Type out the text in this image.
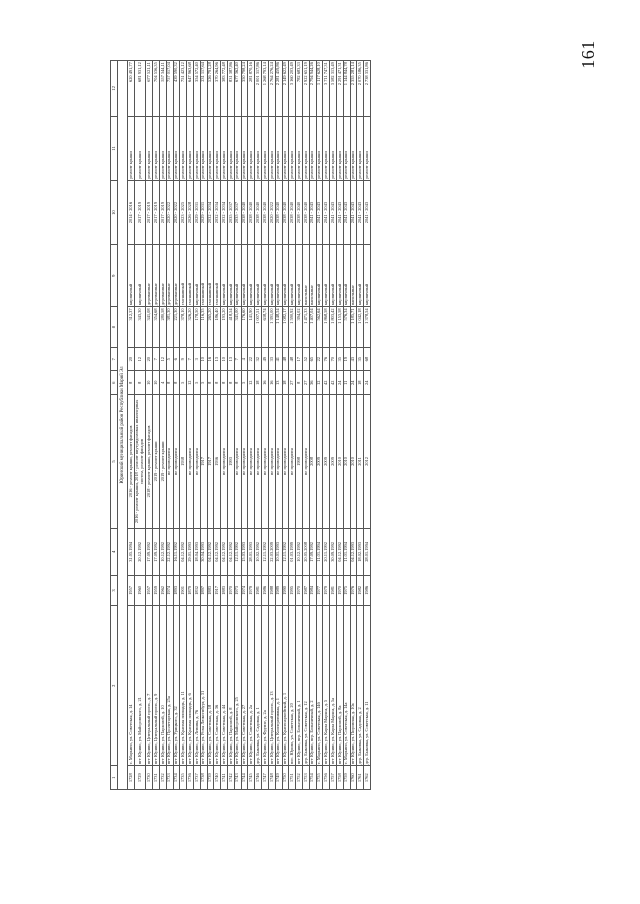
161
1	2	3	4	5	6	7	8	9	10	11	12
Юринский муниципальный район Республики Марий Эл											
1728	с. Марьино, ул. Советская, д. 14	1957	31.05.1994	2016 - ремонт крыши, ремонт фасадов	8	20	312,37	кирпичный	2014 - 2016	ремонт крыши	620 491,77
1729	пгт Юрино, ул. Майоровского, д. 21	1960	20.12.1992	2016 - ремонт крыши, 2018 - ремонт внутридомовых инженерных систем, ремонт фасадов	8	12	343,30	кирпичный	2017 - 2019	ремонт крыши	681 931,12
1730	пгт Юрино, Центральный просп., д. 7	1957	17.09.1992	2018 - ремонт крыши, ремонт фасадов	10	20	341,08	деревянные	2017 - 2019	ремонт крыши	677 521,11
1731	пгт Юрино, Центральный просп., д. 9	1959	17.09.1992	2019 - ремонт крыши	10	7	354,68	деревянные	2017 - 2019	ремонт крыши	704 536,35
1732	пгт Юрино, ул. Пархомей, д. 10	1962	10.12.1992	2019 - ремонт крыши	4	12	280,58	деревянные	2017 - 2019	ремонт крыши	557 344,11
1733	пгт Юрино, ул. Пролетарская, д. 25а	1974	22.12.1992	не проводился	8	5	381,30	деревянные	2020 - 2022	ремонт крыши	757 017,04
1734	пгт Юрино, ул. Урицкого, д. 32	1893	16.11.1992	не проводился	8	6	221,30	деревянные	2020 - 2022	ремонт крыши	439 590,32
1735	пгт Юрино, ул. Красная площадь, д. 11	1901	04.12.1992	1938	5	9	378,10	смешанный	2023 - 2025	ремонт крыши	751 423,12
1736	пгт Юрино, ул. Красная площадь, д. 6	1879	29.01.1993	не проводился	12	7	326,20	смешанный	2026 - 2028	ремонт крыши	647 963,68
1737	пгт Юрино, ул. Ленина, д. 76	1832	18.04.1993	не проводился	5	3	178,50	кирпичный	2029 - 2031	ремонт крыши	354 572,40
1738	пгт Юрино, ул. Розы Люксембург, д. 31	1897	30.04.1993	1917	5	10	116,35	смешанный	2029 - 2031	ремонт крыши	231 117,64
1739	пгт Юрино, ул. Советская, д. 18	1883	04.12.1992	1917	8	16	265,20	смешанный	2032 - 2034	ремонт крыши	526 791,28
1740	пгт Юрино, ул. Советская, д. 36	1917	04.12.1992	1936	8	13	186,40	смешанный	2032 - 2034	ремонт крыши	370 264,96
1741	пгт Юрино, ул. Советская, д. 44	1883	04.12.1992	не проводился	8	10	193,20	кирпичный	2032 - 2034	ремонт крыши	383 772,48
1742	пгт Юрино, ул. Пархомей, д. 8	1970	04.12.1992	1993	8	13	418,54	кирпичный	2035 - 2037	ремонт крыши	831 387,86
1743	пгт Юрино, ул. Майоровского, д. 25	1973	12.11.1992	не проводился	8	7	341,00	кирпичный	2035 - 2037	ремонт крыши	677 362,40
1744	пгт Юрино, ул. Советская, д. 27	1974	15.03.1993	не проводился	5	4	176,60	кирпичный	2038 - 2040	ремонт крыши	350 798,24
1745	пгт Юрино, ул. Советская, д. 2а	1979	28.01.1993	не проводился	12	22	141,90	кирпичный	2038 - 2040	ремонт крыши	281 870,16
1746	дер. Быковка, ул. Садовая, д. 1	1981	10.02.1992	не проводился	18	32	1 007,51	кирпичный	2038 - 2040	ремонт крыши	2 001 317,86
1747	пгт Юрино, ул. Фрунзе, д. 2а	1986	12.11.1992	не проводился	16	49	638,74	кирпичный	2038 - 2040	ремонт крыши	1 268 793,14
1748	пгт Юрино, Центральный просп., д. 13	1988	22.03.2009	не проводился	16	33	1 391,00	кирпичный	2020 - 2022	ремонт крыши	2 764 276,24
1749	пгт Юрино, ул. Кооперативная, д. 1	1989	10.01.1993	не проводился	13	41	1 148,54	кирпичный	2038 - 2040	ремонт крыши	2 281 459,86
1750	пгт Юрино, ул. Красноармейской, д. 1	1990	12.11.1992	не проводился	18	48	1 082,17	кирпичный	2038 - 2040	ремонт крыши	2 149 622,49
1751	пос. Юрино, ул. Советская, д. 20	1995	01.03.1999	не проводился	27	48	1 590,92	кирпичный	2038 - 2040	ремонт крыши	3 160 203,49
1752	пгт Юрино, пер. Больничный, д. 1	1970	10.12.1992	1998	8	17	394,02	кирпичный	2038 - 2040	ремонт крыши	782 683,33
1753	дер. Быковка, ул. Советская, д. 12	1987	20.05.2008	не проводился	27	52	1 471,33	панельные	2038 - 2040	ремонт крыши	2 922 651,19
1754	пгт Юрино, пер. Больничный, д. 2	1984	17.09.1992	2008	36	65	1 407,04	панельные	2041 - 2043	ремонт крыши	2 794 944,26
1755	с. Марьино, ул. Советская, д. 14б	1977	11.01.1994	2009	12	22	562,64	кирпичный	2041 - 2043	ремонт крыши	1 117 628,10
1756	пгт Юрино, ул. Карла Маркса, д. 5	1979	20.11.1992	2009	42	76	1 868,58	кирпичный	2041 - 2043	ремонт крыши	3 711 747,31
1757	пгт Юрино, ул. Карла Маркса, д. 5а	1981	30.09.1992	2009	42	70	1 803,42	кирпичный	2041 - 2043	ремонт крыши	3 582 313,49
1758	пгт Юрино, ул. Пархомей, д. 8а	1970	04.12.1992	2010	24	35	1 153,58	кирпичный	2041 - 2043	ремонт крыши	2 291 471,31
1759	с. Марьино, ул. Советская, д. 14а	1975	11.01.1994	2010	11	19	576,34	кирпичный	2041 - 2043	ремонт крыши	1 144 844,78
1760	пгт Юрино, ул. Пиронная, д. 10а	1976	04.12.1993	2010	24	43	1 185,71	панельные	2041 - 2043	ремонт крыши	2 355 281,14
1761	дер. Быковка, ул. Садовая, д. 2	1982	18.02.1993	2011	18	35	1 042,18	кирпичный	2041 - 2043	ремонт крыши	2 070 186,35
1762	дер. Быковка, ул. Советская, д. 11	1986	28.01.1994	2012	24	68	1 378,54	кирпичный	2041 - 2043	ремонт крыши	2 738 331,86
